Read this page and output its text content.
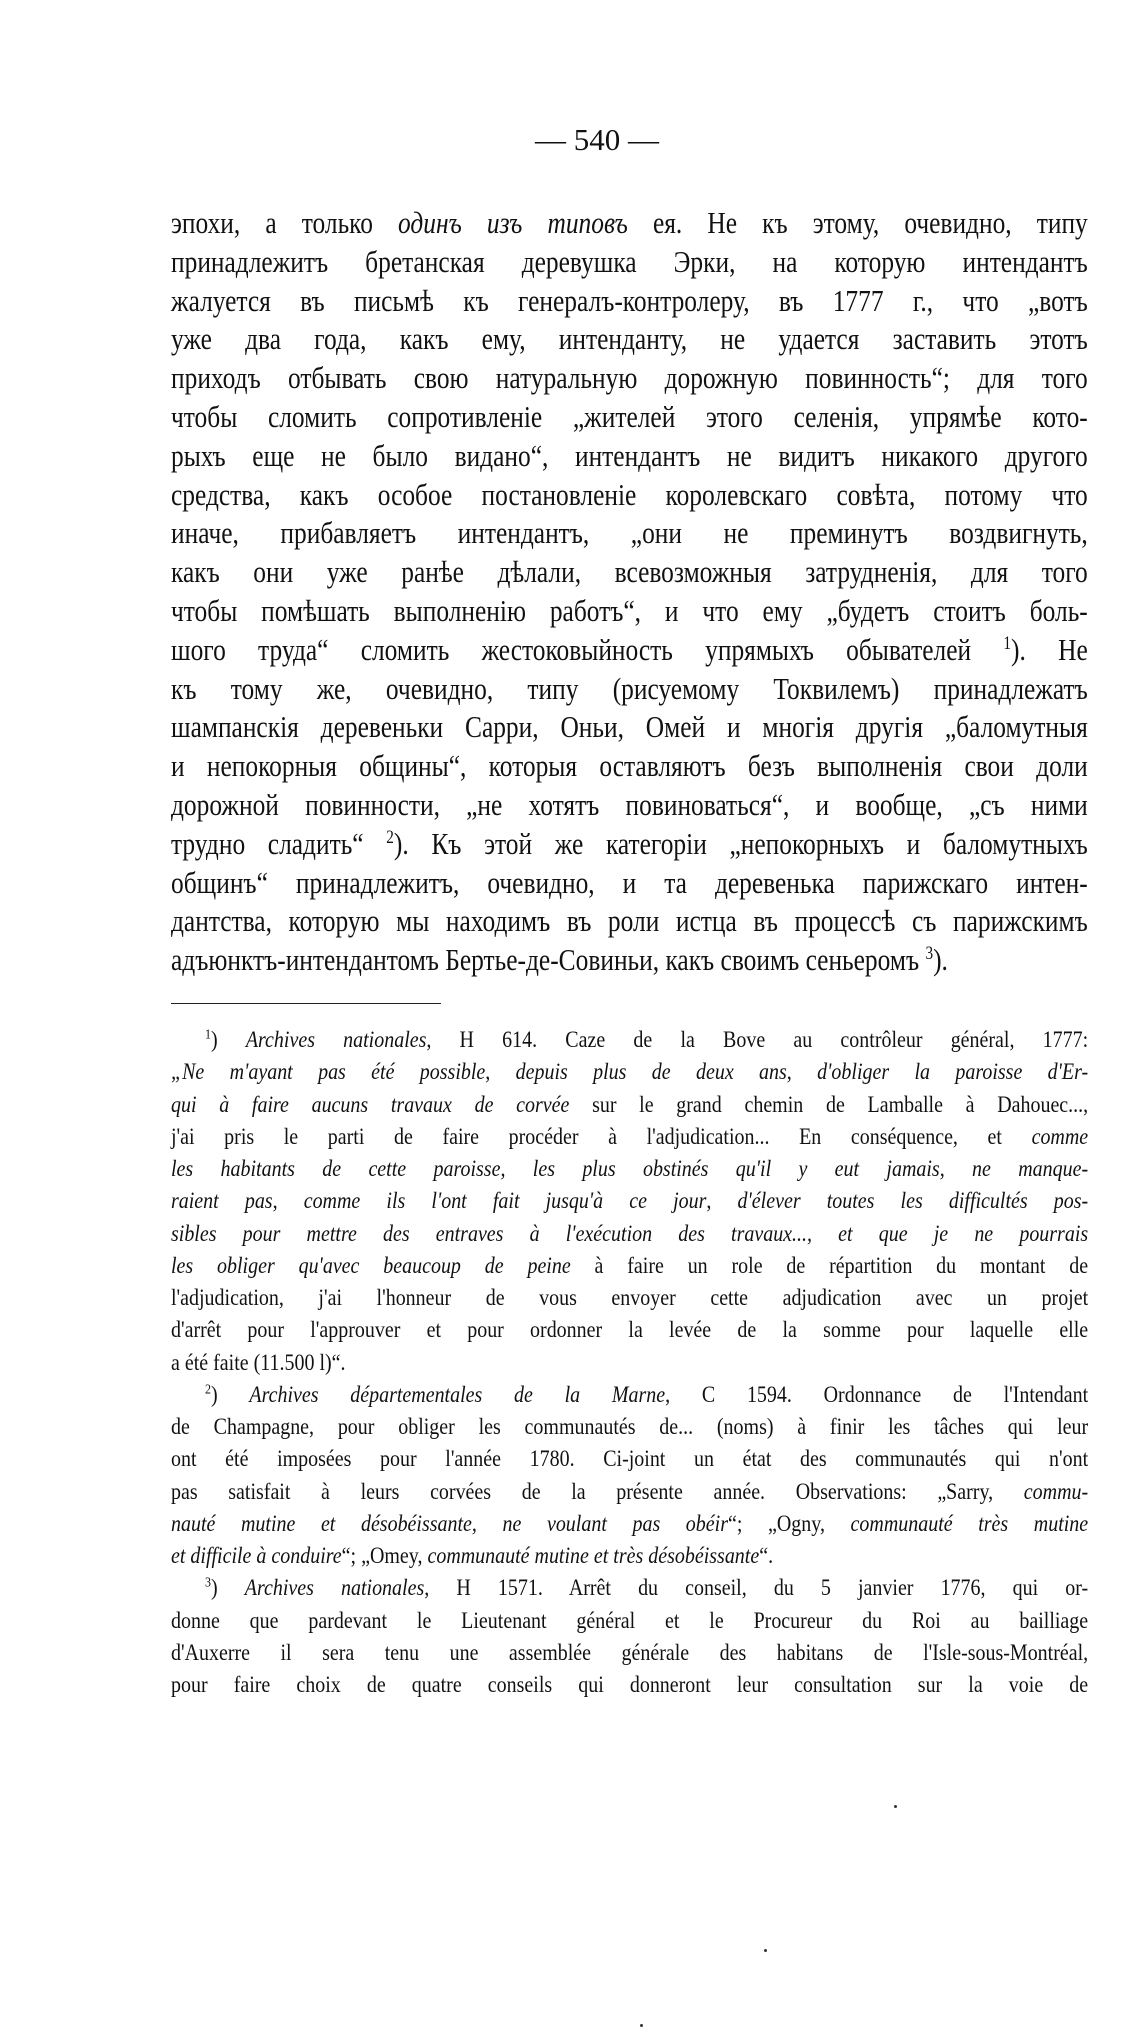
— 540 —
эпохи, а только одинъ изъ типовъ ея. Не къ этому, очевидно, типу
принадлежитъ бретанская деревушка Эрки, на которую интендантъ
жалуется въ письмѣ къ генералъ-контролеру, въ 1777 г., что „вотъ
уже два года, какъ ему, интенданту, не удается заставить этотъ
приходъ отбывать свою натуральную дорожную повинность“; для того
чтобы сломить сопротивленіе „жителей этого селенія, упрямѣе кото-
рыхъ еще не было видано“, интендантъ не видитъ никакого другого
средства, какъ особое постановленіе королевскаго совѣта, потому что
иначе, прибавляетъ интендантъ, „они не преминутъ воздвигнуть,
какъ они уже ранѣе дѣлали, всевозможныя затрудненія, для того
чтобы помѣшать выполненію работъ“, и что ему „будетъ стоитъ боль-
шого труда“ сломить жестоковыйность упрямыхъ обывателей $^1$). Не
къ тому же, очевидно, типу (рисуемому Токвилемъ) принадлежатъ
шампанскія деревеньки Сарри, Оньи, Омей и многія другія „баломутныя
и непокорныя общины“, которыя оставляютъ безъ выполненія свои доли
дорожной повинности, „не хотятъ повиноваться“, и вообще, „съ ними
трудно сладить“ $^2$). Къ этой же категоріи „непокорныхъ и баломутныхъ
общинъ“ принадлежитъ, очевидно, и та деревенька парижскаго интен-
дантства, которую мы находимъ въ роли истца въ процессѣ съ парижскимъ
адъюнктъ-интендантомъ Бертье-де-Совиньи, какъ своимъ сеньеромъ $^3$).
$^1$) Archives nationales, H 614. Caze de la Bove au contrôleur général, 1777:
„Ne m'ayant pas été possible, depuis plus de deux ans, d'obliger la paroisse d'Er-
qui à faire aucuns travaux de corvée sur le grand chemin de Lamballe à Dahouec...,
j'ai pris le parti de faire procéder à l'adjudication... En conséquence, et comme
les habitants de cette paroisse, les plus obstinés qu'il y eut jamais, ne manque-
raient pas, comme ils l'ont fait jusqu'à ce jour, d'élever toutes les difficultés pos-
sibles pour mettre des entraves à l'exécution des travaux..., et que je ne pourrais
les obliger qu'avec beaucoup de peine à faire un role de répartition du montant de
l'adjudication, j'ai l'honneur de vous envoyer cette adjudication avec un projet
d'arrêt pour l'approuver et pour ordonner la levée de la somme pour laquelle elle
a été faite (11.500 l)“.
$^2$) Archives départementales de la Marne, C 1594. Ordonnance de l'Intendant
de Champagne, pour obliger les communautés de... (noms) à finir les tâches qui leur
ont été imposées pour l'année 1780. Ci-joint un état des communautés qui n'ont
pas satisfait à leurs corvées de la présente année. Observations: „Sarry, commu-
nauté mutine et désobéissante, ne voulant pas obéir“; „Ogny, communauté très mutine
et difficile à conduire“; „Omey, communauté mutine et très désobéissante“.
$^3$) Archives nationales, H 1571. Arrêt du conseil, du 5 janvier 1776, qui or-
donne que pardevant le Lieutenant général et le Procureur du Roi au bailliage
d'Auxerre il sera tenu une assemblée générale des habitans de l'Isle-sous-Montréal,
pour faire choix de quatre conseils qui donneront leur consultation sur la voie de
